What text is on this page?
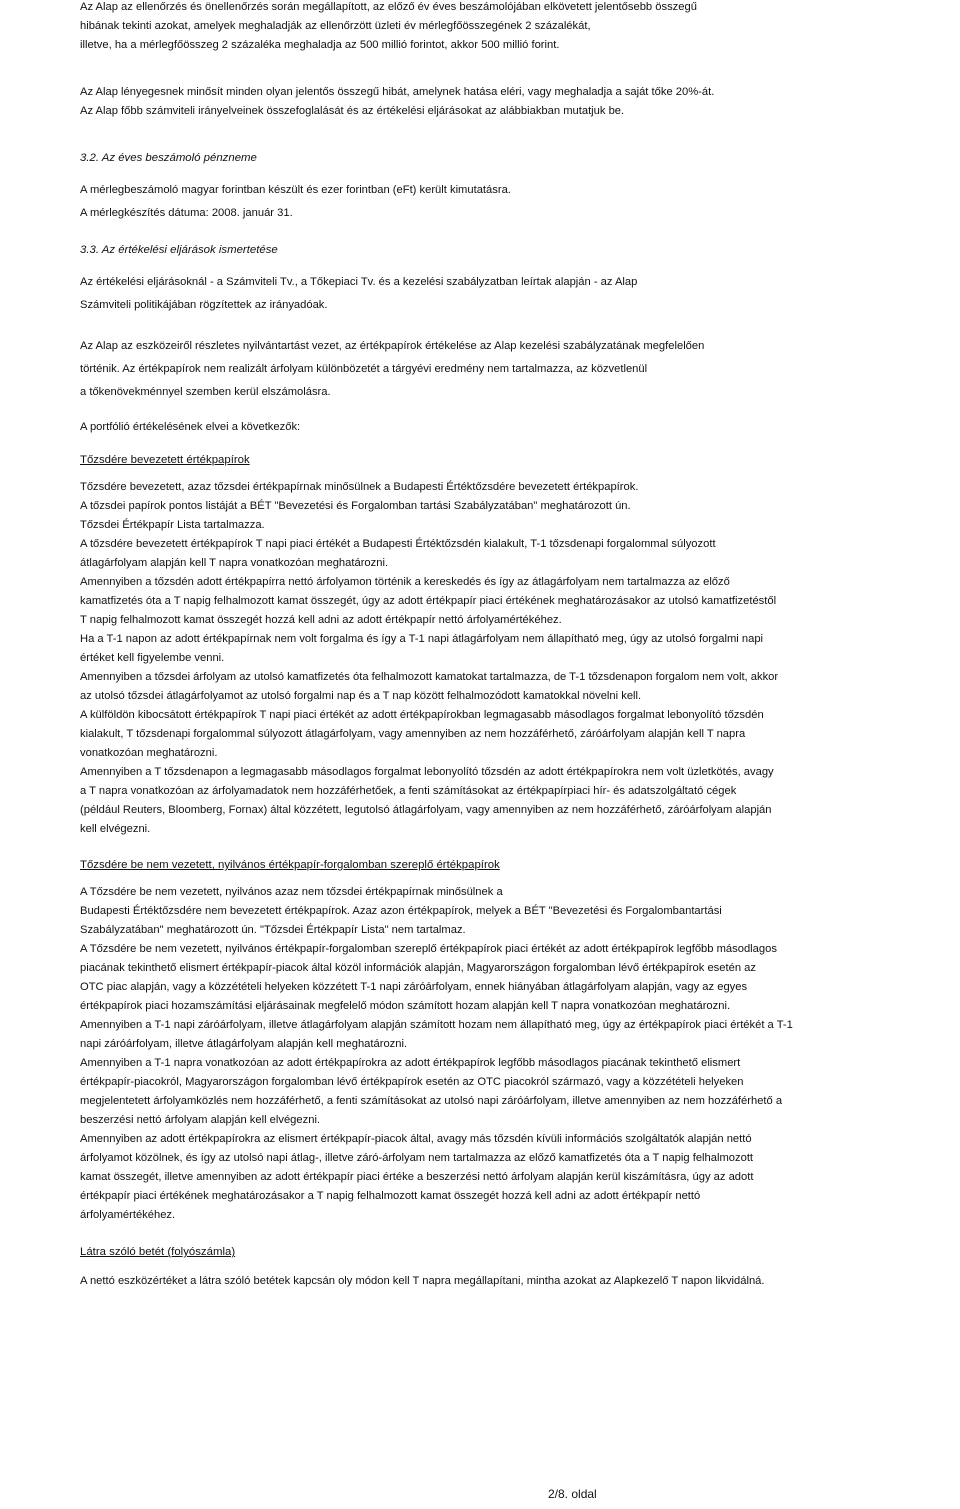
Az Alap az ellenőrzés és önellenőrzés során megállapított, az előző év éves beszámolójában elkövetett jelentősebb összegű

hibának tekinti azokat, amelyek meghaladják az ellenőrzött üzleti év mérlegfőösszegének 2 százalékát,

illetve, ha a mérlegfőösszeg 2 százaléka meghaladja az 500 millió forintot, akkor 500 millió forint.

Az Alap lényegesnek minősít minden olyan jelentős összegű hibát, amelynek hatása eléri, vagy meghaladja a saját tőke 20%-át.

Az Alap főbb számviteli irányelveinek összefoglalását és az értékelési eljárásokat az alábbiakban mutatjuk be.

3.2. Az éves beszámoló pénzneme

A mérlegbeszámoló magyar forintban készült és ezer forintban (eFt) került kimutatásra.

A mérlegkészítés dátuma: 2008. január 31.

3.3. Az értékelési eljárások ismertetése

Az értékelési eljárásoknál - a Számviteli Tv., a Tőkepiaci Tv. és a kezelési szabályzatban leírtak alapján - az Alap

Számviteli politikájában rögzítettek az irányadóak.

Az Alap az eszközeiről részletes nyilvántartást vezet, az értékpapírok értékelése az Alap kezelési szabályzatának megfelelően

történik. Az értékpapírok nem realizált árfolyam különbözetét a tárgyévi eredmény nem tartalmazza, az közvetlenül

a tőkenövekménnyel szemben kerül elszámolásra.

A portfólió értékelésének elvei a következők:

Tőzsdére bevezetett értékpapírok

Tőzsdére bevezetett, azaz tőzsdei értékpapírnak minősülnek a Budapesti Értéktőzsdére bevezetett értékpapírok.

A tőzsdei papírok pontos listáját a BÉT "Bevezetési és Forgalomban tartási Szabályzatában" meghatározott ún.

Tőzsdei Értékpapír Lista tartalmazza.

A tőzsdére bevezetett értékpapírok T napi piaci értékét a Budapesti Értéktőzsdén kialakult, T-1 tőzsdenapi forgalommal súlyozott

átlagárfolyam alapján kell T napra vonatkozóan meghatározni.

Amennyiben a tőzsdén adott értékpapírra nettó árfolyamon történik a kereskedés és így az átlagárfolyam nem tartalmazza az előző

kamatfizetés óta a T napig felhalmozott kamat összegét, úgy az adott értékpapír piaci értékének meghatározásakor az utolsó kamatfizetéstől

T napig felhalmozott kamat összegét hozzá kell adni az adott értékpapír nettó árfolyamértékéhez.

Ha a T-1 napon az adott értékpapírnak nem volt forgalma és így a T-1 napi átlagárfolyam nem állapítható meg, úgy az utolsó forgalmi napi

értéket kell figyelembe venni.

Amennyiben a tőzsdei árfolyam az utolsó kamatfizetés óta felhalmozott kamatokat tartalmazza, de T-1 tőzsdenapon forgalom nem volt, akkor

az utolsó tőzsdei átlagárfolyamot az utolsó forgalmi nap és a T nap között felhalmozódott kamatokkal növelni kell.

A külföldön kibocsátott értékpapírok T napi piaci értékét az adott értékpapírokban legmagasabb másodlagos forgalmat lebonyolító tőzsdén

kialakult, T tőzsdenapi forgalommal súlyozott átlagárfolyam, vagy amennyiben az nem hozzáférhető, záróárfolyam alapján kell T napra

vonatkozóan meghatározni.

Amennyiben a T tőzsdenapon a legmagasabb másodlagos forgalmat lebonyolító tőzsdén az adott értékpapírokra nem volt üzletkötés, avagy

a T napra vonatkozóan az árfolyamadatok nem hozzáférhetőek, a fenti számításokat az értékpapírpiaci hír- és adatszolgáltató cégek

(például Reuters, Bloomberg, Fornax) által közzétett, legutolsó átlagárfolyam, vagy amennyiben az nem hozzáférhető, záróárfolyam alapján

kell elvégezni.

Tőzsdére be nem vezetett, nyilvános értékpapír-forgalomban szereplő értékpapírok

A Tőzsdére be nem vezetett, nyilvános azaz nem tőzsdei értékpapírnak minősülnek a

Budapesti Értéktőzsdére nem bevezetett értékpapírok. Azaz azon értékpapírok, melyek a BÉT "Bevezetési és Forgalombantartási

Szabályzatában" meghatározott ún. "Tőzsdei Értékpapír Lista" nem tartalmaz.

A Tőzsdére be nem vezetett, nyilvános értékpapír-forgalomban szereplő értékpapírok piaci értékét az adott értékpapírok legfőbb másodlagos

piacának tekinthető elismert értékpapír-piacok által közöl információk alapján, Magyarországon forgalomban lévő értékpapírok esetén az

OTC piac alapján, vagy a közzétételi helyeken közzétett T-1 napi záróárfolyam, ennek hiányában átlagárfolyam alapján, vagy az egyes

értékpapírok piaci hozamszámítási eljárásainak megfelelő módon számított hozam alapján kell T napra vonatkozóan meghatározni.

Amennyiben a T-1 napi záróárfolyam, illetve átlagárfolyam alapján számított hozam nem állapítható meg, úgy az értékpapírok piaci értékét a T-1

napi záróárfolyam, illetve átlagárfolyam alapján kell meghatározni.

Amennyiben a T-1 napra vonatkozóan az adott értékpapírokra az adott értékpapírok legfőbb másodlagos piacának tekinthető elismert

értékpapír-piacokról, Magyarországon forgalomban lévő értékpapírok esetén az OTC piacokról származó, vagy a közzétételi helyeken

megjelentetett árfolyamközlés nem hozzáférhető, a fenti számításokat az utolsó napi záróárfolyam, illetve amennyiben az nem hozzáférhető a

beszerzési nettó árfolyam alapján kell elvégezni.

Amennyiben az adott értékpapírokra az elismert értékpapír-piacok által, avagy más tőzsdén kívüli információs szolgáltatók alapján nettó

árfolyamot közölnek, és így az utolsó napi átlag-, illetve záró-árfolyam nem tartalmazza az előző kamatfizetés óta a T napig felhalmozott

kamat összegét, illetve amennyiben az adott értékpapír piaci értéke a beszerzési nettó árfolyam alapján kerül kiszámításra, úgy az adott

értékpapír piaci értékének meghatározásakor a T napig felhalmozott kamat összegét hozzá kell adni az adott értékpapír nettó

árfolyamértékéhez.

Látra szóló betét (folyószámla)

A nettó eszközértéket a látra szóló betétek kapcsán oly módon kell T napra megállapítani, mintha azokat az Alapkezelő T napon likvidálná.

2/8. oldal
